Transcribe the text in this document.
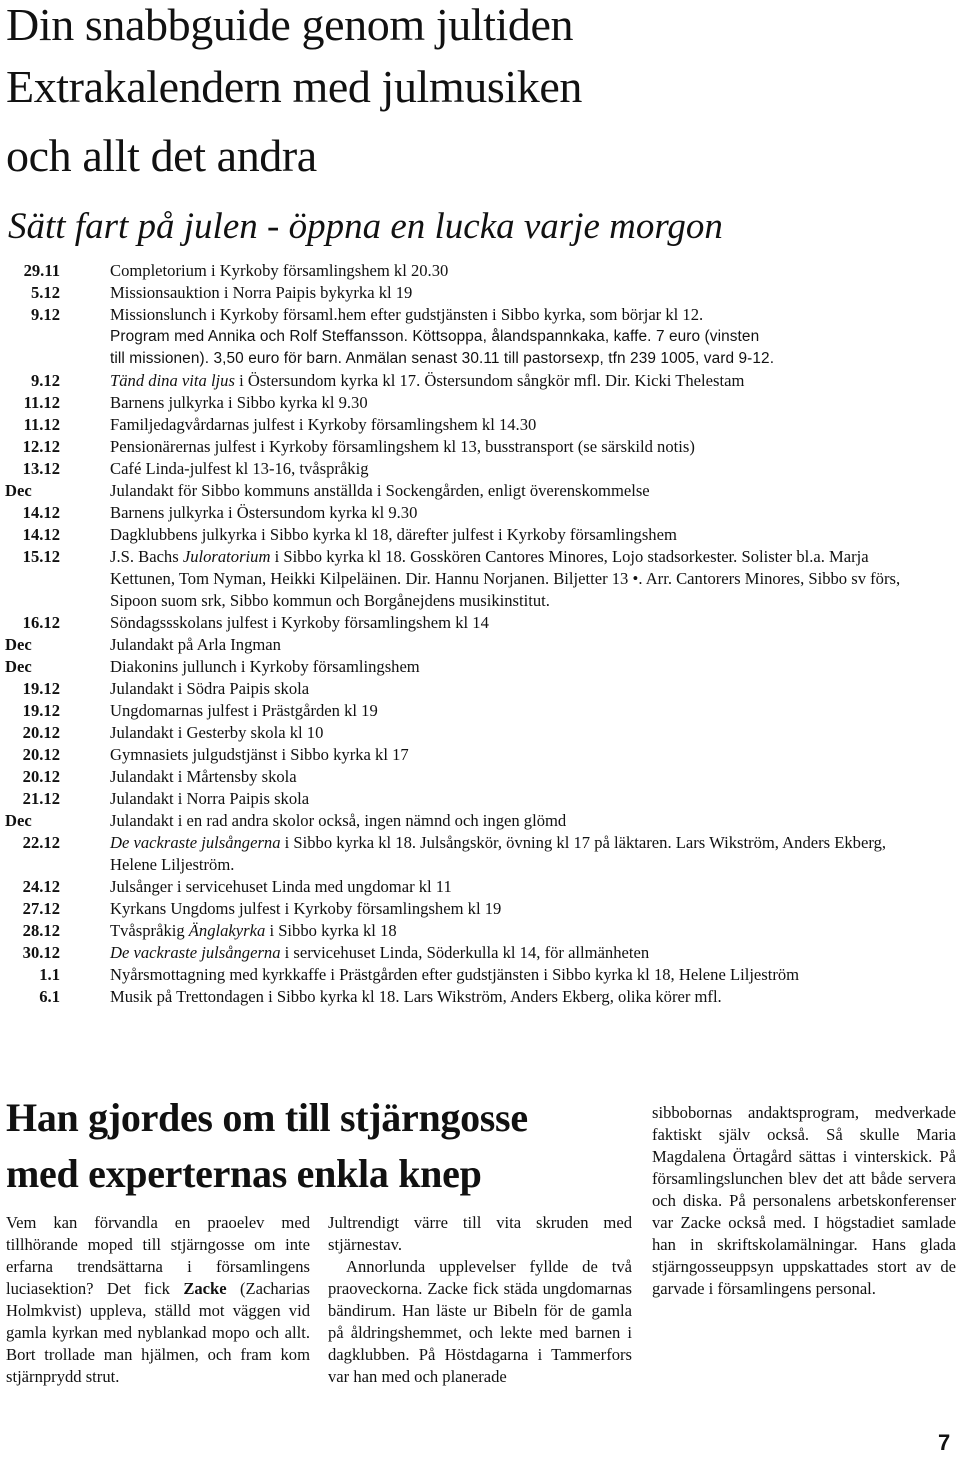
Din snabbguide genom jultiden
Extrakalendern med julmusiken
och allt det andra
Sätt fart på julen - öppna en lucka varje morgon
29.11	Completorium i Kyrkoby församlingshem kl 20.30
5.12	Missionsauktion i Norra Paipis bykyrka kl 19
9.12	Missionslunch i Kyrkoby församl.hem efter gudstjänsten i Sibbo kyrka, som börjar kl 12.
Program med Annika och Rolf Steffansson. Köttsoppa, ålandspannkaka, kaffe. 7 euro (vinsten
till missionen). 3,50 euro för barn. Anmälan senast 30.11 till pastorsexp, tfn 239 1005, vard 9-12.
9.12	Tänd dina vita ljus i Östersundom kyrka kl 17. Östersundom sångkör mfl. Dir. Kicki Thelestam
11.12	Barnens julkyrka i Sibbo kyrka kl 9.30
11.12	Familjedagvårdarnas julfest i Kyrkoby församlingshem kl 14.30
12.12	Pensionärernas julfest i Kyrkoby församlingshem kl 13, busstransport (se särskild notis)
13.12	Café Linda-julfest kl 13-16, tvåspråkig
Dec	Julandakt för Sibbo kommuns anställda i Sockengården, enligt överenskommelse
14.12	Barnens julkyrka i Östersundom kyrka kl 9.30
14.12	Dagklubbens julkyrka i Sibbo kyrka kl 18, därefter julfest i Kyrkoby församlingshem
15.12	J.S. Bachs Juloratorium i Sibbo kyrka kl 18. Gosskören Cantores Minores, Lojo stadsorkester. Solister bl.a. Marja Kettunen, Tom Nyman, Heikki Kilpeläinen. Dir. Hannu Norjanen. Biljetter 13 •. Arr. Cantorers Minores, Sibbo sv förs, Sipoon suom srk, Sibbo kommun och Borgånejdens musikinstitut.
16.12	Söndagssskolans julfest i Kyrkoby församlingshem kl 14
Dec	Julandakt på Arla Ingman
Dec	Diakonins jullunch i Kyrkoby församlingshem
19.12	Julandakt i Södra Paipis skola
19.12	Ungdomarnas julfest i Prästgården kl 19
20.12	Julandakt i Gesterby skola kl 10
20.12	Gymnasiets julgudstjänst i Sibbo kyrka kl 17
20.12	Julandakt i Mårtensby skola
21.12	Julandakt i Norra Paipis skola
Dec	Julandakt i en rad andra skolor också, ingen nämnd och ingen glömd
22.12	De vackraste julsångerna i Sibbo kyrka kl 18. Julsångskör, övning kl 17 på läktaren. Lars Wikström, Anders Ekberg, Helene Liljeström.
24.12	Julsånger i servicehuset Linda med ungdomar kl 11
27.12	Kyrkans Ungdoms julfest i Kyrkoby församlingshem kl 19
28.12	Tvåspråkig Änglakyrka i Sibbo kyrka kl 18
30.12	De vackraste julsångerna i servicehuset Linda, Söderkulla kl 14, för allmänheten
1.1	Nyårsmottagning med kyrkkaffe i Prästgården efter gudstjänsten i Sibbo kyrka kl 18, Helene Liljeström
6.1	Musik på Trettondagen i Sibbo kyrka kl 18. Lars Wikström, Anders Ekberg, olika körer mfl.
Han gjordes om till stjärngosse
med experternas enkla knep

Vem kan förvandla en praoelev med tillhörande moped till stjärngosse om inte erfarna trendsättarna i församlingens luciasektion? Det fick Zacke (Zacharias Holmkvist) uppleva, ställd mot väggen vid gamla kyrkan med nyblankad mopo och allt. Bort trollade man hjälmen, och fram kom stjärnprydd strut.

Jultrendigt värre till vita skruden med stjärnestav.

Annorlunda upplevelser fyllde de två praoveckorna. Zacke fick städa ungdomarnas bändirum. Han läste ur Bibeln för de gamla på åldringshemmet, och lekte med barnen i dagklubben. På Höstdagarna i Tammerfors var han med och planerade

sibbobornas andaktsprogram, medverkade faktiskt själv också. Så skulle Maria Magdalena Örtagård sättas i vinterskick. På församlingslunchen blev det att både servera och diska. På personalens arbetskonferenser var Zacke också med. I högstadiet samlade han in skriftskolamälningar. Hans glada stjärngosseuppsyn uppskattades stort av de garvade i församlingens personal.

7
